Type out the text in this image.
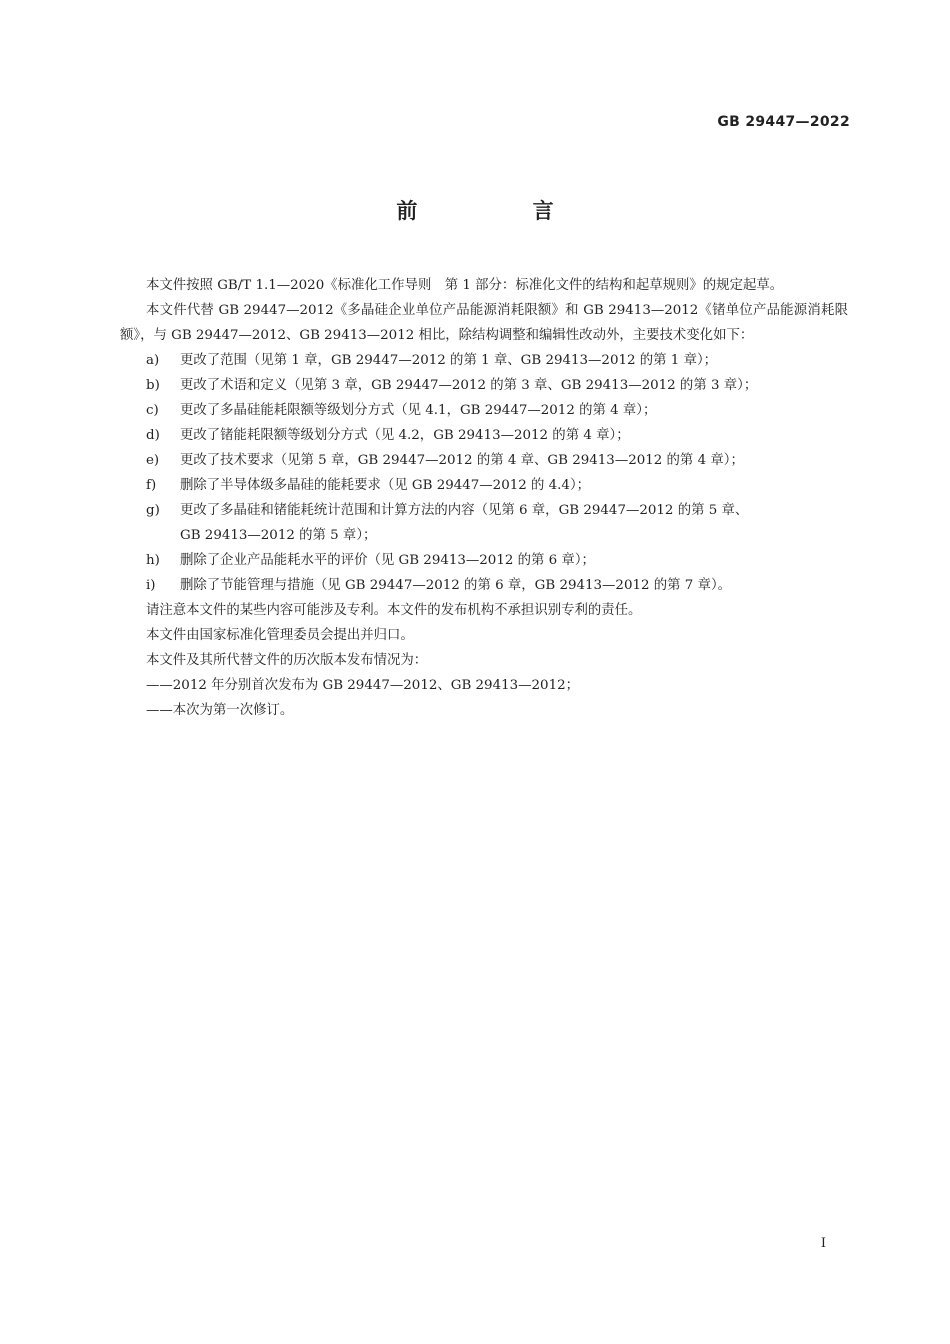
GB 29447—2022
前 言
本文件按照 GB/T 1.1—2020《标准化工作导则　第 1 部分：标准化文件的结构和起草规则》的规定起草。
本文件代替 GB 29447—2012《多晶硅企业单位产品能源消耗限额》和 GB 29413—2012《锗单位产品能源消耗限额》，与 GB 29447—2012、GB 29413—2012 相比，除结构调整和编辑性改动外，主要技术变化如下：
a)	更改了范围（见第 1 章，GB 29447—2012 的第 1 章、GB 29413—2012 的第 1 章）；
b)	更改了术语和定义（见第 3 章，GB 29447—2012 的第 3 章、GB 29413—2012 的第 3 章）；
c)	更改了多晶硅能耗限额等级划分方式（见 4.1，GB 29447—2012 的第 4 章）；
d)	更改了锗能耗限额等级划分方式（见 4.2，GB 29413—2012 的第 4 章）；
e)	更改了技术要求（见第 5 章，GB 29447—2012 的第 4 章、GB 29413—2012 的第 4 章）；
f)	删除了半导体级多晶硅的能耗要求（见 GB 29447—2012 的 4.4）；
g)	更改了多晶硅和锗能耗统计范围和计算方法的内容（见第 6 章，GB 29447—2012 的第 5 章、
GB 29413—2012 的第 5 章）；
h)	删除了企业产品能耗水平的评价（见 GB 29413—2012 的第 6 章）；
i)	删除了节能管理与措施（见 GB 29447—2012 的第 6 章，GB 29413—2012 的第 7 章）。
请注意本文件的某些内容可能涉及专利。本文件的发布机构不承担识别专利的责任。
本文件由国家标准化管理委员会提出并归口。
本文件及其所代替文件的历次版本发布情况为：
——2012 年分别首次发布为 GB 29447—2012、GB 29413—2012；
——本次为第一次修订。
I
